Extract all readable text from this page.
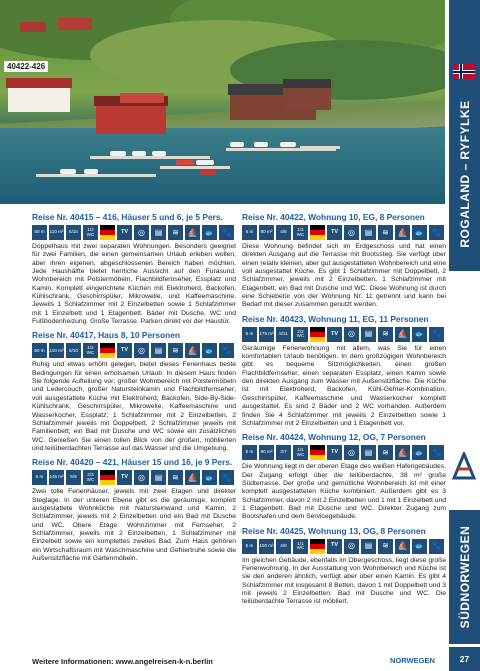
40422-426
ROGALAND – RYFYLKE
SÜDNORWEGEN
Reise Nr. 40415 – 416, Häuser 5 und 6, je 5 Pers.
50 m	110 m²	5/10	1/2 WC	TV	◎ ▤ ≋ ⛵ 🐟 🐾
Doppelhaus mit zwei separaten Wohnungen. Besonders geeignet für zwei Familien, die einen gemeinsamen Urlaub erleben wollen, aber ihren eigenen, abgeschlossenen Bereich haben möchten. Jede Haushälfte bietet herrliche Aussicht auf den Furasund. Wohnbereich mit Polstermöbeln, Flachbildfernseher, Essplatz und Kamin. Komplett eingerichtete Küchen mit Elektroherd, Backofen, Kühlschrank, Geschirrspüler, Mikrowelle, und Kaffeemaschine. Jeweils 1 Schlafzimmer mit 2 Einzelbetten sowie 1 Schlafzimmer mit 1 Einzelbett und 1 Etagenbett. Bäder mit Dusche, WC und Fußbodenheizung. Große Terrasse. Parken direkt vor der Haustür.
Reise Nr. 40417, Haus 8, 10 Personen
50 m	110 m²	5/10	1/2 WC	TV	◎ ▤ ≋ ⛵ 🐟 🐾
Ruhig und etwas erhöht gelegen, bietet dieses Ferienhaus beste Bedingungen für einen erholsamen Urlaub. In diesem Haus finden Sie folgende Aufteilung vor: großer Wohnbereich mit Polstermöbeln und Ledercouch, großer Natursteinkamin und Flachbildfernseher; voll ausgestattete Küche mit Elektroherd, Backofen, Side-By-Side-Kühlschrank, Geschirrspüler, Mikrowelle, Kaffeemaschine und Wasserkocher, Essplatz; 1 Schlafzimmer mit 2 Einzelbetten, 2 Schlafzimmer jeweils mit Doppelbett, 2 Schlafzimmer jeweils mit Familienbett; ein Bad mit Dusche und WC sowie ein zusätzliches WC. Genießen Sie einen tollen Blick von der großen, möblierten und teilüberdachten Terrasse auf das Wasser und die Umgebung.
Reise Nr. 40420 – 421, Häuser 15 und 16, je 9 Pers.
5 m	145 m²	5/9	2/3 WC	TV	◎ ▤ ≋ ⛵ 🐟 🐾
Zwei tolle Ferienhäuser, jeweils mit zwei Etagen und direkter Steglage. In der unteren Ebene gibt es die geräumige, komplett ausgestattete Wohnküche mit Natursteinwand und Kamin, 2 Schlafzimmer, jeweils mit 2 Einzelbetten und ein Bad mit Dusche und WC. Obere Etage: Wohnzimmer mit Fernseher, 2 Schlafzimmer, jeweils mit 2 Einzelbetten, 1 Schlafzimmer mit Einzelbett sowie ein komplettes zweites Bad. Zum Haus gehören ein Wirtschaftsraum mit Waschmaschine und Gefriertruhe sowie die Außensitzfläche mit Gartenmöbeln.
Reise Nr. 40422, Wohnung 10, EG, 8 Personen
5 m	80 m²	4/8	1/1 WC	TV	◎ ▤ ≋ ⛵ 🐟 🐾
Diese Wohnung befindet sich im Erdgeschoss und hat einen direkten Ausgang auf die Terrasse mit Bootssteg. Sie verfügt über einen relativ kleinen, aber gut ausgestatteten Wohnbereich und eine voll ausgestattet Küche. Es gibt 1 Schlafzimmer mit Doppelbett, 2 Schlafzimmer, jeweils mit 2 Einzelbetten, 1 Schlafzimmer mit Etagenbett, ein Bad mit Dusche und WC. Diese Wohnung ist durch eine Schiebetür von der Wohnung Nr. 11 getrennt und kann bei Bedarf mit dieser zusammen genutzt werden.
Reise Nr. 40423, Wohnung 11, EG, 11 Personen
5 m	175 m²	5/11	2/2 WC	TV	◎ ▤ ≋ ⛵ 🐟 🐾
Geräumige Ferienwohnung mit allem, was Sie für einen komfortablen Urlaub benötigen. In dem großzügigen Wohnbereich gibt es bequeme Sitzmöglichkeiten, einen großen Flachbildfernseher, einen separaten Essplatz, einen Kamin sowie den direkten Ausgang zum Wasser mit Außensitzfläche. Die Küche ist mit Elektroherd, Backofen, Kühl-Gefrier-Kombination, Geschirrspüler, Kaffeemaschine und Wasserkocher komplett ausgestattet. Es sind 2 Bäder und 2 WC vorhanden. Außerdem finden Sie 4 Schlafzimmer mit jeweils 2 Einzelbetten sowie 1 Schlafzimmer mit 2 Einzelbetten und 1 Etagenbett vor.
Reise Nr. 40424, Wohnung 12, OG, 7 Personen
5 m	80 m²	3/7	1/1 WC	TV	◎ ▤ ≋ ⛵ 🐟 🐾
Die Wohnung liegt in der oberen Etage des weißen Hafengebäudes. Der Zugang erfolgt über die teilüberdachte, 38 m² große Südterrasse. Der große und gemütliche Wohnbereich ist mit einer komplett ausgestatteten Küche kombiniert. Außerdem gibt es 3 Schlafzimmer, davon 2 mit 2 Einzelbetten und 1 mit 1 Einzelbett und 1 Etagenbett. Bad mit Dusche und WC. Direkter Zugang zum Bootshafen und dem Servicegebäude.
Reise Nr. 40425, Wohnung 13, OG, 8 Personen
5 m	100 m²	4/8	1/1 WC	TV	◎ ▤ ≋ ⛵ 🐟 🐾
Im gleichen Gebäude, ebenfalls im Obergeschoss, liegt diese große Ferienwohnung. In der Ausstattung von Wohnbereich und Küche ist sie den anderen ähnlich, verfügt aber über einen Kamin. Es gibt 4 Schlafzimmer mit insgesamt 8 Betten, davon 1 mit Doppelbett und 3 mit jeweils 2 Einzelbetten. Bad mit Dusche und WC. Die teilüberdachte Terrasse ist möbliert.
Weitere Informationen: www.angelreisen-k-n.berlin	NORWEGEN	27
